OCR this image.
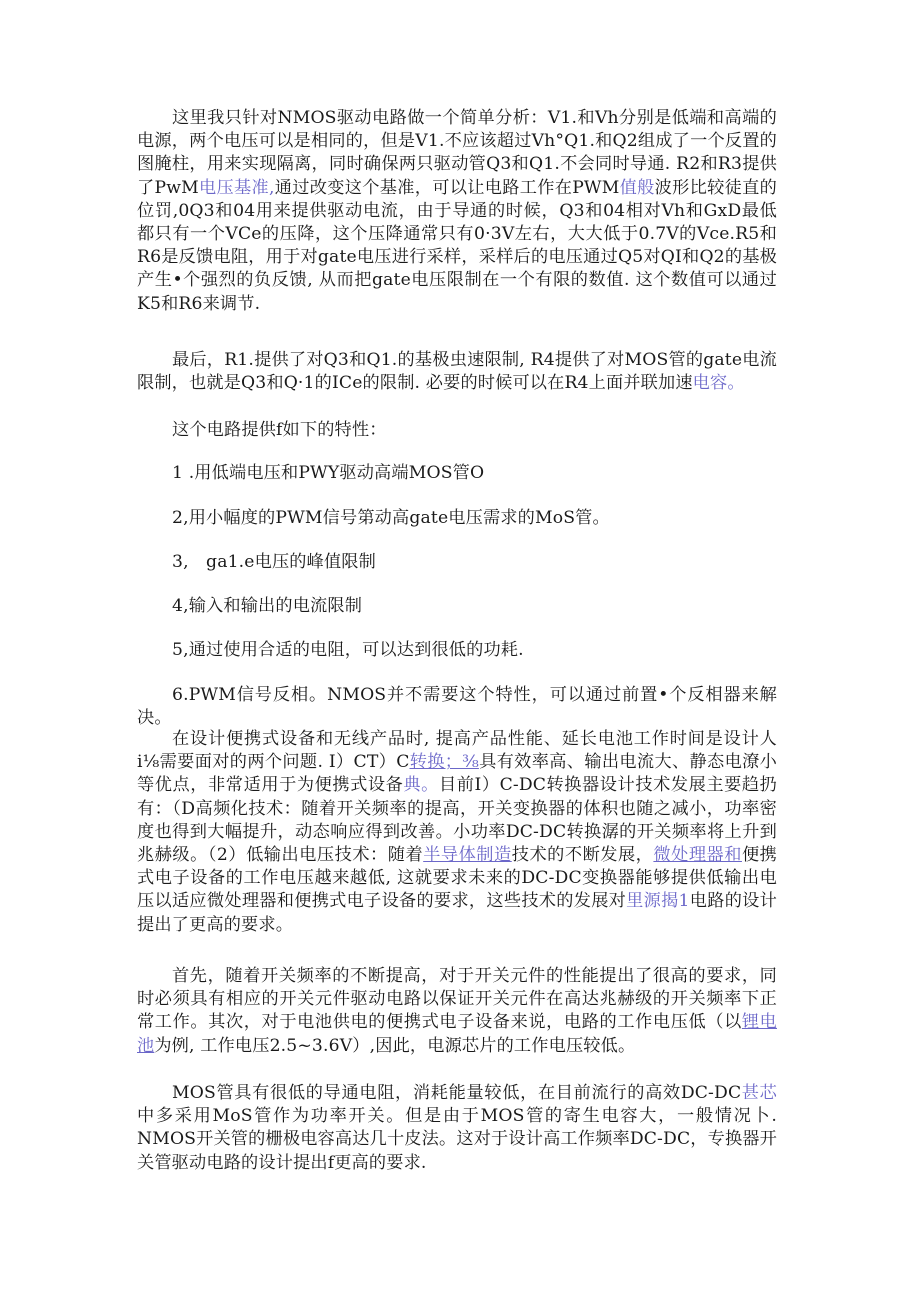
这里我只针对NMOS驱动电路做一个简单分析：V1.和Vh分别是低端和高端的电源，两个电压可以是相同的，但是V1.不应该超过Vh°Q1.和Q2组成了一个反置的图腌柱，用来实现隔离，同时确保两只驱动管Q3和Q1.不会同时导通. R2和R3提供了PwM电压基准,通过改变这个基准，可以让电路工作在PWM值般波形比较徒直的位罚,0Q3和04用来提供驱动电流，由于导通的时候，Q3和04相对Vh和GxD最低都只有一个VCe的压降，这个压降通常只有0·3V左右，大大低于0.7V的Vce.R5和R6是反馈电阻，用于对gate电压进行采样，采样后的电压通过Q5对QI和Q2的基极产生•个强烈的负反馈, 从而把gate电压限制在一个有限的数值. 这个数值可以通过K5和R6来调节.

最后，R1.提供了对Q3和Q1.的基极虫速限制, R4提供了对MOS管的gate电流限制，也就是Q3和Q·1的ICe的限制. 必要的时候可以在R4上面并联加速电容。

这个电路提供f如下的特性：

1 .用低端电压和PWY驱动高端MOS管O

2,用小幅度的PWM信号第动高gate电压需求的MoS管。

3,　ga1.e电压的峰值限制

4,输入和输出的电流限制

5,通过使用合适的电阻，可以达到很低的功耗.

6.PWM信号反相。NMOS并不需要这个特性，可以通过前置•个反相器来解决。

在设计便携式设备和无线产品时, 提高产品性能、延长电池工作时间是设计人i⅛需要面对的两个问题. I）CT）C转换；⅜具有效率高、输出电流大、静态电潦小等优点，非常适用于为便携式设备典。目前I）C-DC转换器设计技术发展主要趋扔有：（D高频化技术：随着开关频率的提高，开关变换器的体积也随之减小，功率密度也得到大幅提升，动态响应得到改善。小功率DC-DC转换潺的开关频率将上升到兆赫级。（2）低输出电压技术：随着半导体制造技术的不断发展，微处理器和便携式电子设备的工作电压越来越低, 这就要求未来的DC-DC变换器能够提供低输出电压以适应微处理器和便携式电子设备的要求，这些技术的发展对里源揭1电路的设计提出了更高的要求。

首先，随着开关频率的不断提高，对于开关元件的性能提出了很高的要求，同时必须具有相应的开关元件驱动电路以保证开关元件在高达兆赫级的开关频率下正常工作。其次，对于电池供电的便携式电子设备来说，电路的工作电压低（以锂电池为例, 工作电压2.5~3.6V）,因此，电源芯片的工作电压较低。

MOS管具有很低的导通电阻，消耗能量较低，在目前流行的高效DC-DC甚芯中多采用MoS管作为功率开关。但是由于MOS管的寄生电容大，一般情况卜. NMOS开关管的栅极电容高达几十皮法。这对于设计高工作频率DC-DC，专换器开关管驱动电路的设计提出f更高的要求.
